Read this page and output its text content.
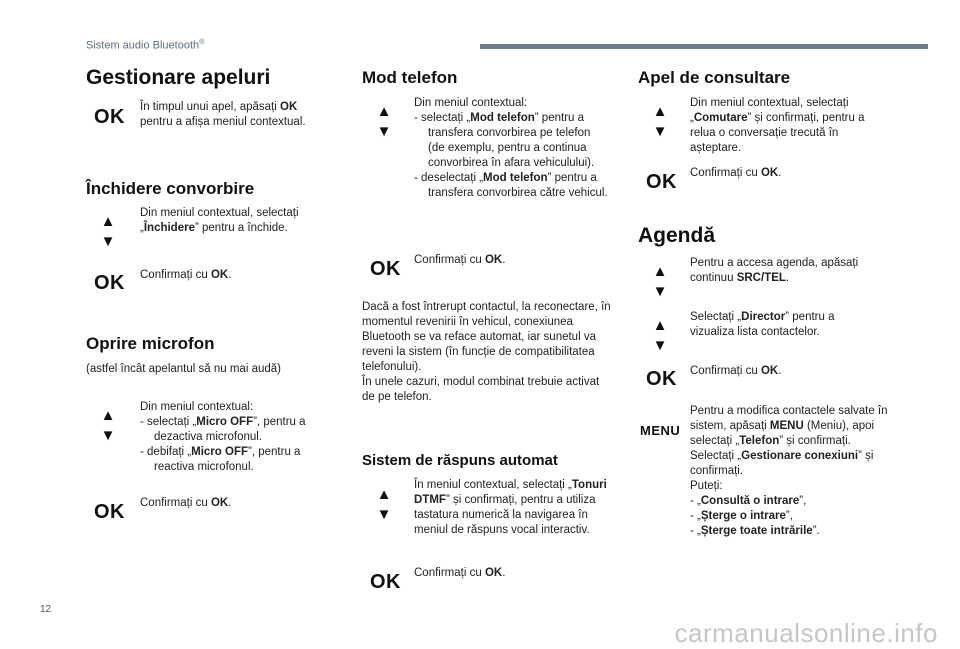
Sistem audio Bluetooth®
Gestionare apeluri
OK În timpul unui apel, apăsați OK pentru a afișa meniul contextual.

Închidere convorbire
▲
▼

Din meniul contextual, selectați „Închidere” pentru a închide.

OK Confirmați cu OK.

Oprire microfon
(astfel încât apelantul să nu mai audă)
▲
▼

Din meniul contextual:

- selectați „Micro OFF”, pentru a dezactiva microfonul.

- debifați „Micro OFF”, pentru a reactiva microfonul.

OK Confirmați cu OK.

Mod telefon
▲
▼

Din meniul contextual:

- selectați „Mod telefon” pentru a transfera convorbirea pe telefon (de exemplu, pentru a continua convorbirea în afara vehiculului).

- deselectați „Mod telefon” pentru a transfera convorbirea către vehicul.

OK Confirmați cu OK.

Dacă a fost întrerupt contactul, la reconectare, în momentul revenirii în vehicul, conexiunea Bluetooth se va reface automat, iar sunetul va reveni la sistem (în funcție de compatibilitatea telefonului).

În unele cazuri, modul combinat trebuie activat de pe telefon.

Sistem de răspuns automat
▲
▼

În meniul contextual, selectați „Tonuri DTMF” și confirmați, pentru a utiliza tastatura numerică la navigarea în meniul de răspuns vocal interactiv.

OK Confirmați cu OK.

Apel de consultare
▲
▼

Din meniul contextual, selectați „Comutare” și confirmați, pentru a relua o conversație trecută în așteptare.

OK Confirmați cu OK.

Agendă
▲
▼

Pentru a accesa agenda, apăsați continuu SRC/TEL.

▲
▼

Selectați „Director” pentru a vizualiza lista contactelor.

OK Confirmați cu OK.

MENU

Pentru a modifica contactele salvate în sistem, apăsați MENU (Meniu), apoi selectați „Telefon” și confirmați.

Selectați „Gestionare conexiuni” și confirmați.

Puteți:

- „Consultă o intrare”,

- „Șterge o intrare”,

- „Șterge toate intrările”.

12
carmanualsonline.info
